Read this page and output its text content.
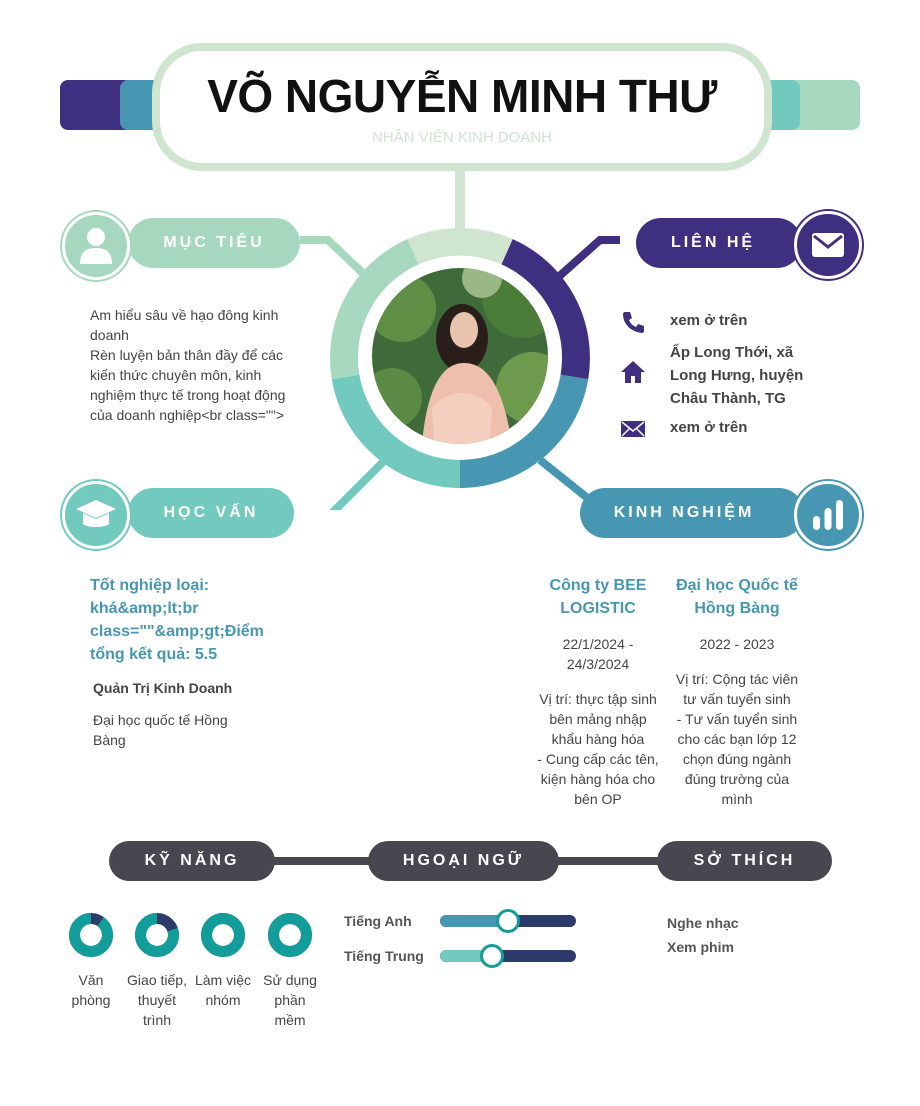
VÕ NGUYỄN MINH THƯ
NHÂN VIÊN KINH DOANH
MỤC TIÊU
Am hiểu sâu về hạo đông kinh
doanh
Rèn luyện bản thân đầy để các
kiến thức chuyên môn, kinh
nghiệm thực tế trong hoạt động
của doanh nghiệp<br class="">
LIÊN HỆ
xem ở trên
Ấp Long Thới, xã
Long Hưng, huyện
Châu Thành, TG
xem ở trên
HỌC VẤN
Tốt nghiệp loại:
khá&amp;lt;br
class=""&amp;gt;Điểm
tổng kết quả: 5.5
Quản Trị Kinh Doanh
Đại học quốc tế Hồng
Bàng
KINH NGHIỆM
Công ty BEE
LOGISTIC
22/1/2024 -
24/3/2024
Vị trí: thực tập sinh
bên mảng nhập
khẩu hàng hóa
- Cung cấp các tên,
kiện hàng hóa cho
bên OP
Đại học Quốc tế
Hồng Bàng
2022 - 2023
Vị trí: Cộng tác viên
tư vấn tuyển sinh
- Tư vấn tuyển sinh
cho các bạn lớp 12
chọn đúng ngành
đúng trường của
mình
KỸ NĂNG	HGOẠI NGỮ	SỞ THÍCH
Văn
phòng
Giao tiếp,
thuyết
trình
Làm việc
nhóm
Sử dụng
phần
mềm
Tiếng Anh
Tiếng Trung
Nghe nhạc
Xem phim
